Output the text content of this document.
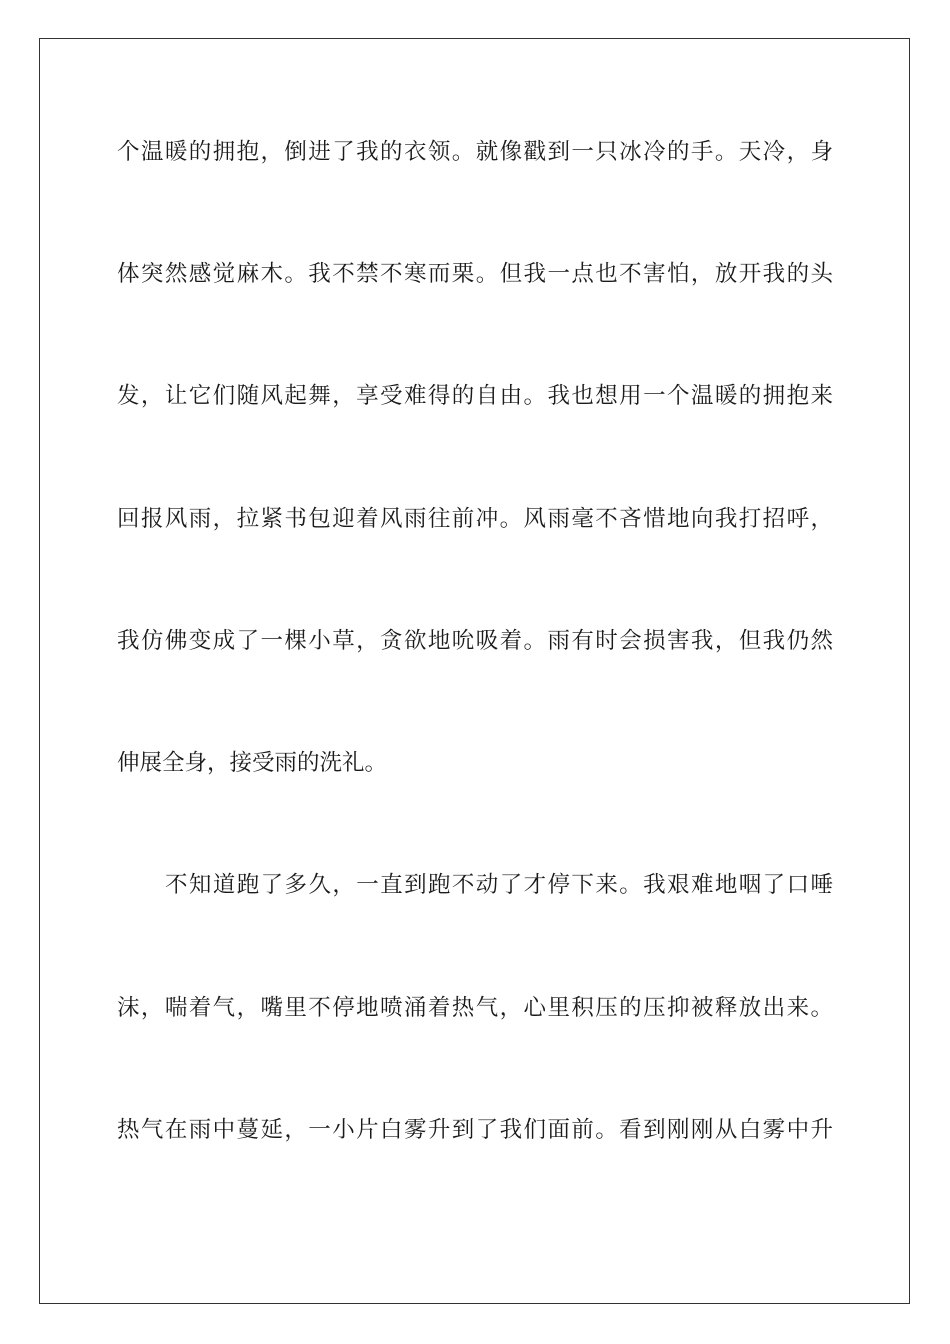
个温暖的拥抱，倒进了我的衣领。就像戳到一只冰冷的手。天冷，身
体突然感觉麻木。我不禁不寒而栗。但我一点也不害怕，放开我的头
发，让它们随风起舞，享受难得的自由。我也想用一个温暖的拥抱来
回报风雨，拉紧书包迎着风雨往前冲。风雨毫不吝惜地向我打招呼，
我仿佛变成了一棵小草，贪欲地吮吸着。雨有时会损害我，但我仍然
伸展全身，接受雨的洗礼。
不知道跑了多久，一直到跑不动了才停下来。我艰难地咽了口唾
沫，喘着气，嘴里不停地喷涌着热气，心里积压的压抑被释放出来。
热气在雨中蔓延，一小片白雾升到了我们面前。看到刚刚从白雾中升
